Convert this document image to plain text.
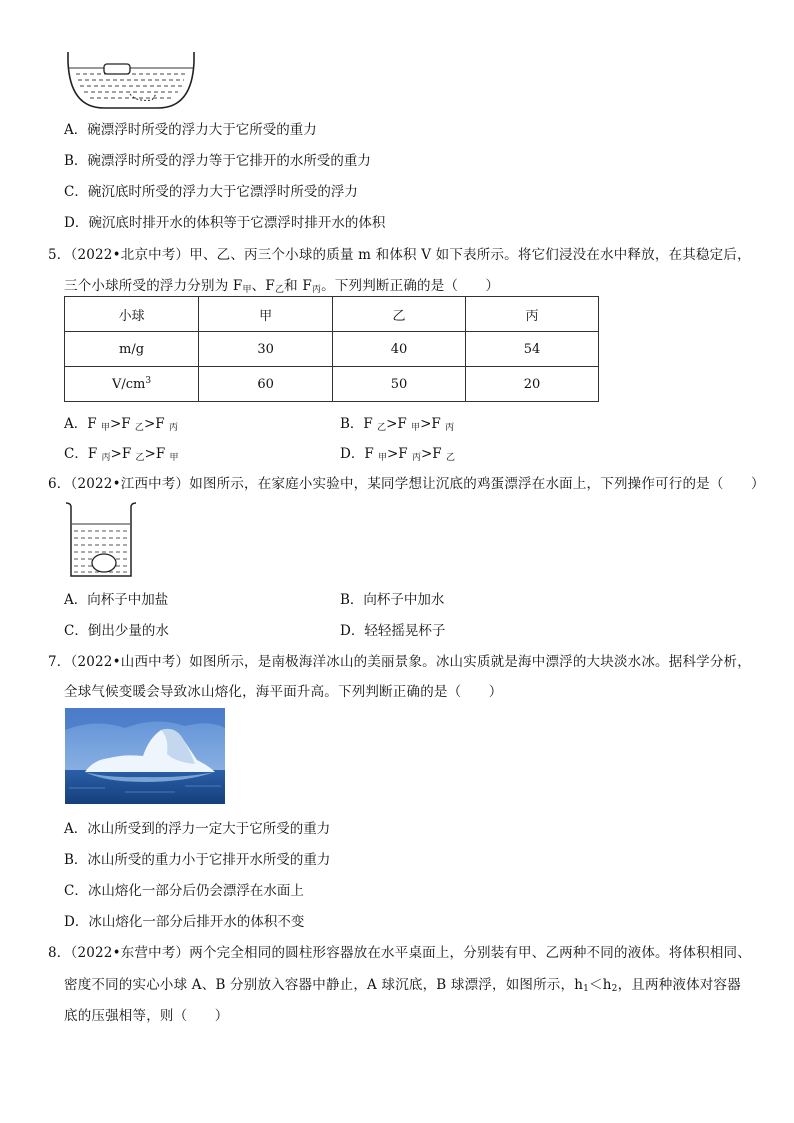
A．碗漂浮时所受的浮力大于它所受的重力
B．碗漂浮时所受的浮力等于它排开的水所受的重力
C．碗沉底时所受的浮力大于它漂浮时所受的浮力
D．碗沉底时排开水的体积等于它漂浮时排开水的体积
5．（2022•北京中考）甲、乙、丙三个小球的质量 m 和体积 V 如下表所示。将它们浸没在水中释放，在其稳定后，
三个小球所受的浮力分别为 $F_甲$、$F_乙$和 $F_丙$。下列判断正确的是（　　）
小球	甲	乙	丙
m/g	30	40	54
$V/cm^3$	60	50	20
A．F $_甲$>F $_乙$>F $_丙$	B．F $_乙$>F $_甲$>F $_丙$
C．F $_丙$>F $_乙$>F $_甲$	D．F $_甲$>F $_丙$>F $_乙$
6．（2022•江西中考）如图所示，在家庭小实验中，某同学想让沉底的鸡蛋漂浮在水面上，下列操作可行的是（　　）
A．向杯子中加盐	B．向杯子中加水
C．倒出少量的水	D．轻轻摇晃杯子
7．（2022•山西中考）如图所示，是南极海洋冰山的美丽景象。冰山实质就是海中漂浮的大块淡水冰。据科学分析，
全球气候变暖会导致冰山熔化，海平面升高。下列判断正确的是（　　）
A．冰山所受到的浮力一定大于它所受的重力
B．冰山所受的重力小于它排开水所受的重力
C．冰山熔化一部分后仍会漂浮在水面上
D．冰山熔化一部分后排开水的体积不变
8．（2022•东营中考）两个完全相同的圆柱形容器放在水平桌面上，分别装有甲、乙两种不同的液体。将体积相同、
密度不同的实心小球 A、B 分别放入容器中静止，A 球沉底，B 球漂浮，如图所示，$h_1<h_2$，且两种液体对容器
底的压强相等，则（　　）
